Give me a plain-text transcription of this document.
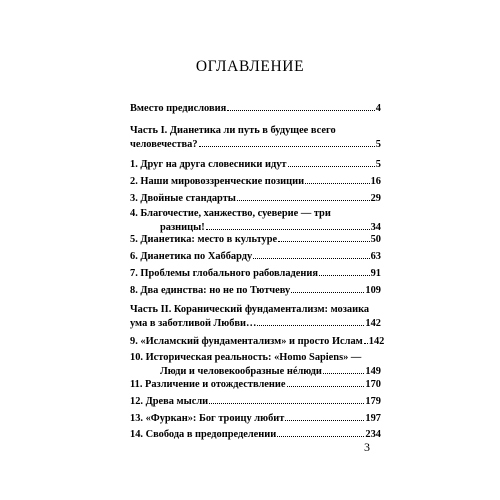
ОГЛАВЛЕНИЕ
Вместо предисловия	4
Часть I. Дианетика ли путь в будущее всего
человечества?	5
1. Друг на друга словесники идут	5
2. Наши мировоззренческие позиции	16
3. Двойные стандарты	29
4. Благочестие, ханжество, суеверие — три
разницы!	34
5. Дианетика: место в культуре	50
6. Дианетика по Хаббарду	63
7. Проблемы глобального рабовладения	91
8. Два единства: но не по Тютчеву	109
Часть II. Коранический фундаментализм: мозаика
ума в заботливой Любви…	142
9. «Исламский фундаментализм» и просто Ислам 142
10. Историческая реальность: «Homo Sapiens» —
Люди и человекообразные нéлюди	149
11. Различение и отождествление	170
12. Древа мысли	179
13. «Фуркан»: Бог троицу любит	197
14. Свобода в предопределении	234
3
